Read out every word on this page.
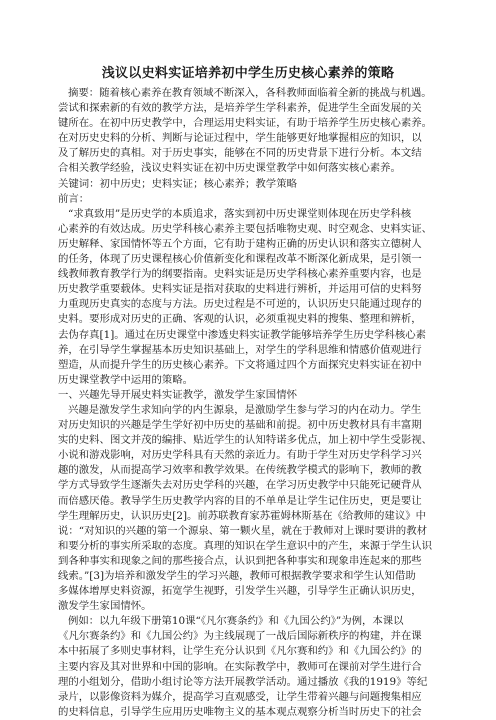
浅议以史料实证培养初中学生历史核心素养的策略
摘要：随着核心素养在教育领域不断深入，各科教师面临着全新的挑战与机遇。
尝试和探索新的有效的教学方法，是培养学生学科素养，促进学生全面发展的关
键所在。在初中历史教学中，合理运用史料实证，有助于培养学生历史核心素养。
在对历史史料的分析、判断与论证过程中，学生能够更好地掌握相应的知识，以
及了解历史的真相。对于历史事实，能够在不同的历史背景下进行分析。本文结
合相关教学经验，浅议史料实证在初中历史课堂教学中如何落实核心素养。
关键词：初中历史；史料实证；核心素养；教学策略
前言：
“求真致用”是历史学的本质追求，落实到初中历史课堂则体现在历史学科核
心素养的有效达成。历史学科核心素养主要包括唯物史观、时空观念、史料实证、
历史解释、家国情怀等五个方面，它有助于建构正确的历史认识和落实立德树人
的任务，体现了历史课程核心价值新变化和课程改革不断深化新成果，是引领一
线教师教育教学行为的纲要指南。史料实证是历史学科核心素养重要内容，也是
历史教学重要载体。史料实证是指对获取的史料进行辨析，并运用可信的史料努
力重现历史真实的态度与方法。历史过程是不可逆的，认识历史只能通过现存的
史料。要形成对历史的正确、客观的认识，必须重视史料的搜集、整理和辨析，
去伪存真[1]。通过在历史课堂中渗透史料实证教学能够培养学生历史学科核心素
养，在引导学生掌握基本历史知识基础上，对学生的学科思维和情感价值观进行
塑造，从而提升学生的历史核心素养。下文将通过四个方面探究史料实证在初中
历史课堂教学中运用的策略。
一、兴趣先导开展史料实证教学，激发学生家国情怀
兴趣是激发学生求知向学的内生源泉，是激励学生参与学习的内在动力。学生
对历史知识的兴趣是学生学好初中历史的基础和前提。初中历史教材具有丰富期
实的史料、图文并茂的编排、贴近学生的认知特诺多优点，加上初中学生受影视、
小说和游戏影响，对历史学科具有天然的亲近力。有助于学生对历史学科学习兴
趣的激发，从而提高学习效率和教学效果。在传统教学模式的影响下，教师的教
学方式导致学生逐渐失去对历史学科的兴趣，在学习历史教学中只能死记硬背从
而倍感厌倦。教导学生历史教学内容的目的不单单是让学生记住历史，更是要让
学生理解历史，认识历史[2]。前苏联教育家苏霍姆林斯基在《给教师的建议》中
说：“对知识的兴趣的第一个源泉、第一颗火星，就在于教师对上课时要讲的教材
和要分析的事实所采取的态度。真理的知识在学生意识中的产生，来源于学生认识
到各种事实和现象之间的那些接合点，认识到把各种事实和现象串连起来的那些
线索。”[3]为培养和激发学生的学习兴趣，教师可根据教学要求和学生认知借助
多媒体增厚史料资源，拓宽学生视野，引发学生兴趣，引导学生正确认识历史，
激发学生家国情怀。
例如：以九年级下册第10课“《凡尔赛条约》和《九国公约》”为例，本课以
《凡尔赛条约》和《九国公约》为主线展现了一战后国际新秩序的构建，并在课
本中拓展了多则史事材料，让学生充分认识到《凡尔赛和约》和《九国公约》的
主要内容及其对世界和中国的影响。在实际教学中，教师可在课前对学生进行合
理的小组划分，借助小组讨论等方法开展教学活动。通过播放《我的1919》等纪
录片，以影像资料为媒介，提高学习直观感受，让学生带着兴趣与问题搜集相应
的史料信息，引导学生应用历史唯物主义的基本观点观察分析当时历史下的社会
